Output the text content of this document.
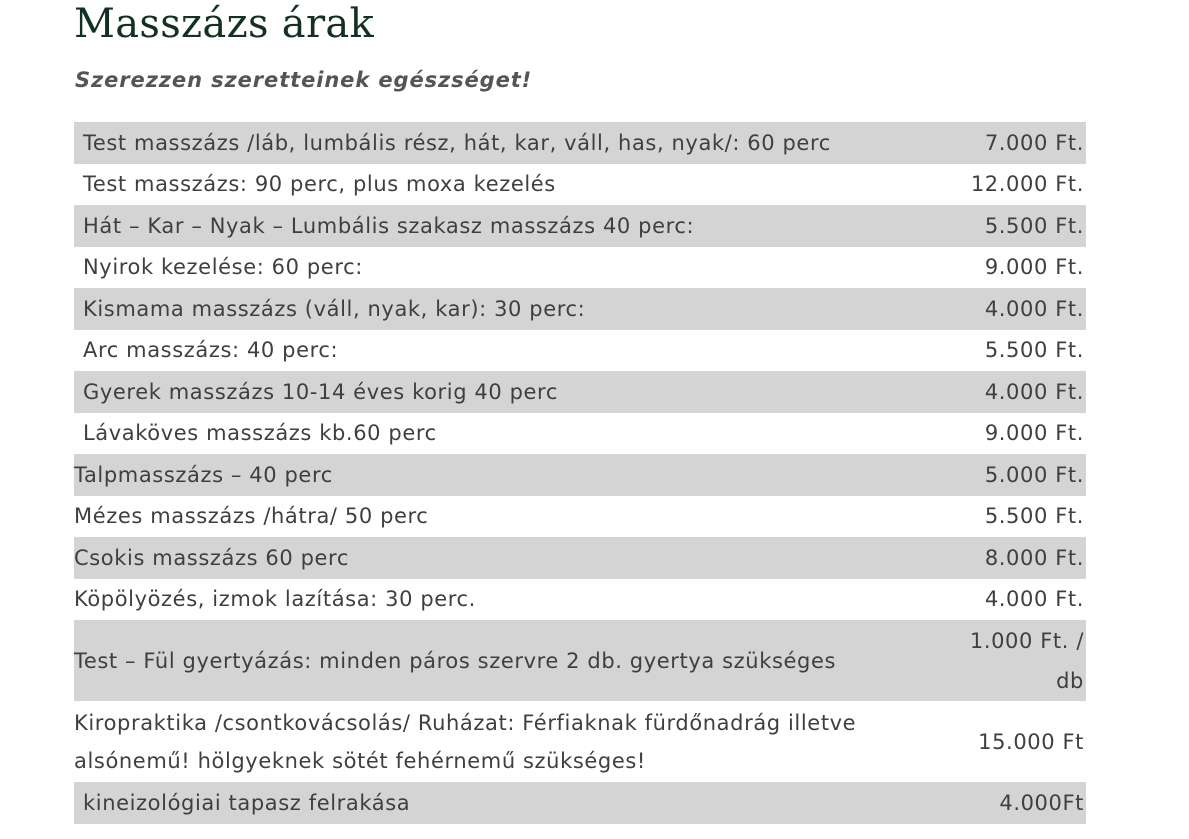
Masszázs árak
Szerezzen szeretteinek egészséget!
Test masszázs /láb, lumbális rész, hát, kar, váll, has, nyak/: 60 perc	7.000 Ft.
Test masszázs: 90 perc, plus moxa kezelés	12.000 Ft.
Hát – Kar – Nyak – Lumbális szakasz masszázs 40 perc:	5.500 Ft.
Nyirok kezelése: 60 perc:	9.000 Ft.
Kismama masszázs (váll, nyak, kar): 30 perc:	4.000 Ft.
Arc masszázs: 40 perc:	5.500 Ft.
Gyerek masszázs 10-14 éves korig 40 perc	4.000 Ft.
Lávaköves masszázs kb.60 perc	9.000 Ft.
Talpmasszázs – 40 perc	5.000 Ft.
Mézes masszázs /hátra/ 50 perc	5.500 Ft.
Csokis masszázs 60 perc	8.000 Ft.
Köpölyözés, izmok lazítása: 30 perc.	4.000 Ft.
Test – Fül gyertyázás: minden páros szervre 2 db. gyertya szükséges	1.000 Ft. / db
Kiropraktika /csontkovácsolás/ Ruházat: Férfiaknak fürdőnadrág illetve alsónemű! hölgyeknek sötét fehérnemű szükséges!	15.000 Ft
kineizológiai tapasz felrakása	4.000Ft
